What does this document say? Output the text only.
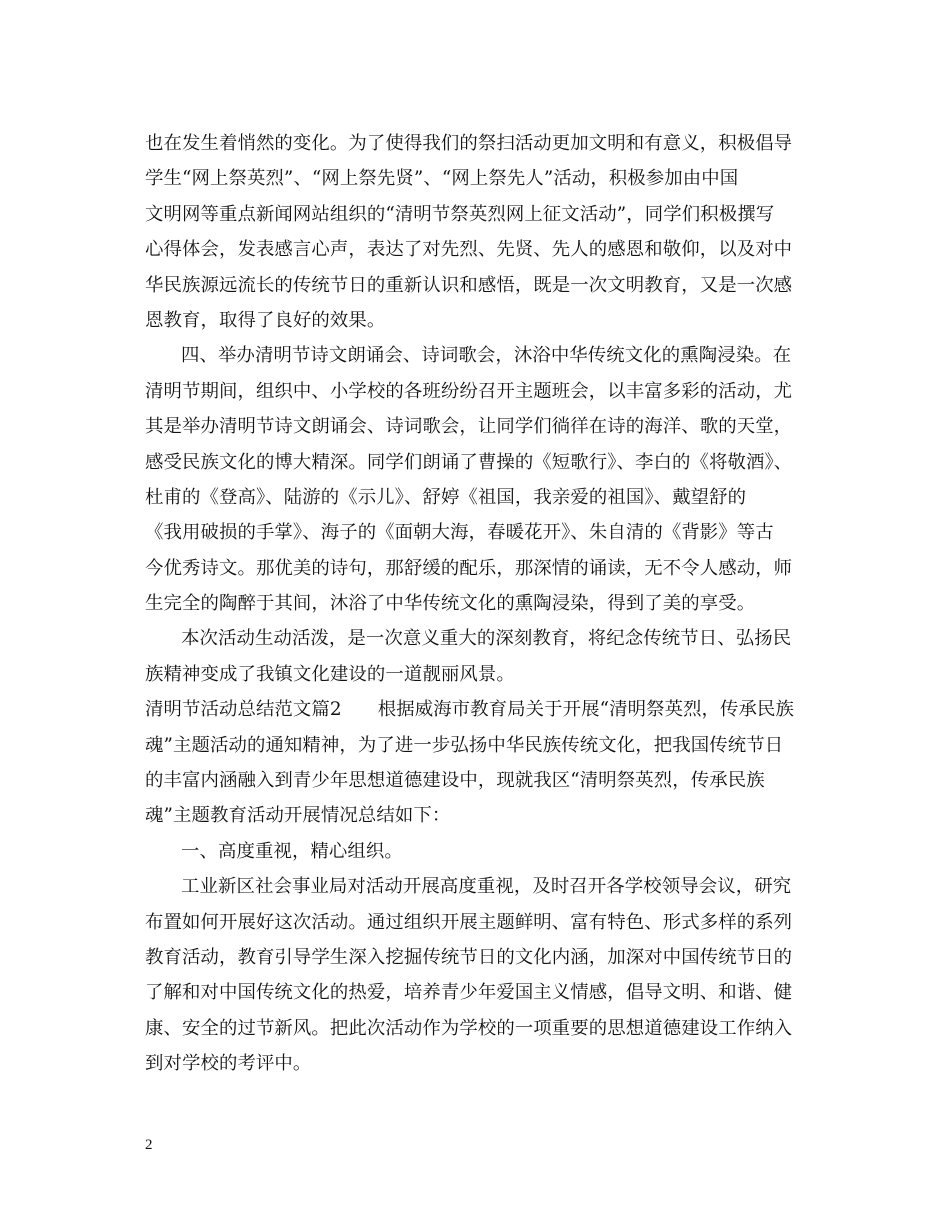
也在发生着悄然的变化。为了使得我们的祭扫活动更加文明和有意义，积极倡导
学生“网上祭英烈”、“网上祭先贤”、“网上祭先人”活动，积极参加由中国
文明网等重点新闻网站组织的“清明节祭英烈网上征文活动”，同学们积极撰写
心得体会，发表感言心声，表达了对先烈、先贤、先人的感恩和敬仰，以及对中
华民族源远流长的传统节日的重新认识和感悟，既是一次文明教育，又是一次感
恩教育，取得了良好的效果。
四、举办清明节诗文朗诵会、诗词歌会，沐浴中华传统文化的熏陶浸染。在
清明节期间，组织中、小学校的各班纷纷召开主题班会，以丰富多彩的活动，尤
其是举办清明节诗文朗诵会、诗词歌会，让同学们徜徉在诗的海洋、歌的天堂，
感受民族文化的博大精深。同学们朗诵了曹操的《短歌行》、李白的《将敬酒》、
杜甫的《登高》、陆游的《示儿》、舒婷《祖国，我亲爱的祖国》、戴望舒的
《我用破损的手掌》、海子的《面朝大海，春暖花开》、朱自清的《背影》等古
今优秀诗文。那优美的诗句，那舒缓的配乐，那深情的诵读，无不令人感动，师
生完全的陶醉于其间，沐浴了中华传统文化的熏陶浸染，得到了美的享受。
本次活动生动活泼，是一次意义重大的深刻教育，将纪念传统节日、弘扬民
族精神变成了我镇文化建设的一道靓丽风景。
清明节活动总结范文篇2 根据威海市教育局关于开展“清明祭英烈，传承民族
魂”主题活动的通知精神，为了进一步弘扬中华民族传统文化，把我国传统节日
的丰富内涵融入到青少年思想道德建设中，现就我区“清明祭英烈，传承民族
魂”主题教育活动开展情况总结如下：
一、高度重视，精心组织。
工业新区社会事业局对活动开展高度重视，及时召开各学校领导会议，研究
布置如何开展好这次活动。通过组织开展主题鲜明、富有特色、形式多样的系列
教育活动，教育引导学生深入挖掘传统节日的文化内涵，加深对中国传统节日的
了解和对中国传统文化的热爱，培养青少年爱国主义情感，倡导文明、和谐、健
康、安全的过节新风。把此次活动作为学校的一项重要的思想道德建设工作纳入
到对学校的考评中。
2
